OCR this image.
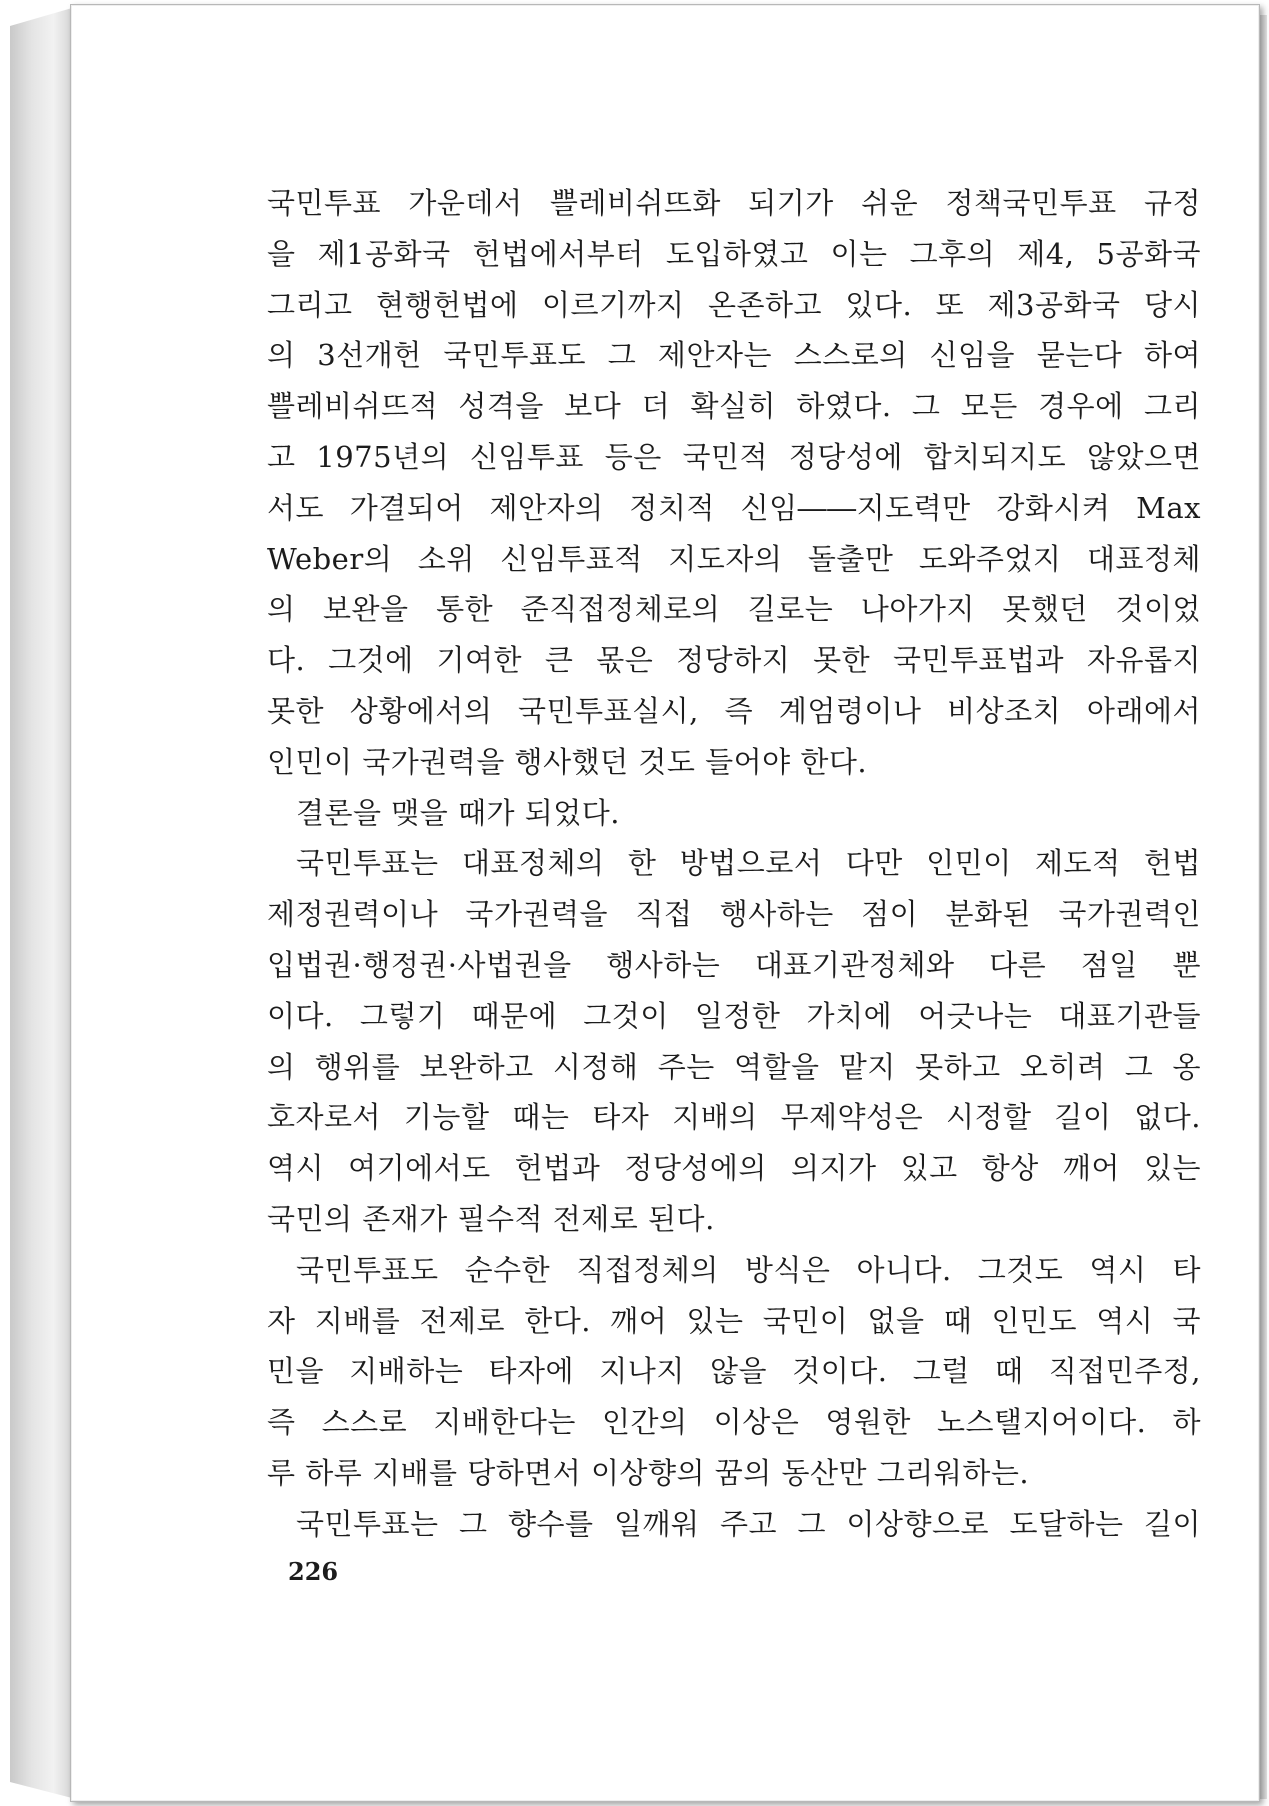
국민투표 가운데서 쁠레비쉬뜨화 되기가 쉬운 정책국민투표 규정
을 제1공화국 헌법에서부터 도입하였고 이는 그후의 제4, 5공화국
그리고 현행헌법에 이르기까지 온존하고 있다. 또 제3공화국 당시
의 3선개헌 국민투표도 그 제안자는 스스로의 신임을 묻는다 하여
쁠레비쉬뜨적 성격을 보다 더 확실히 하였다. 그 모든 경우에 그리
고 1975년의 신임투표 등은 국민적 정당성에 합치되지도 않았으면
서도 가결되어 제안자의 정치적 신임――지도력만 강화시켜 Max
Weber의 소위 신임투표적 지도자의 돌출만 도와주었지 대표정체
의 보완을 통한 준직접정체로의 길로는 나아가지 못했던 것이었
다. 그것에 기여한 큰 몫은 정당하지 못한 국민투표법과 자유롭지
못한 상황에서의 국민투표실시, 즉 계엄령이나 비상조치 아래에서
인민이 국가권력을 행사했던 것도 들어야 한다.
결론을 맺을 때가 되었다.
국민투표는 대표정체의 한 방법으로서 다만 인민이 제도적 헌법
제정권력이나 국가권력을 직접 행사하는 점이 분화된 국가권력인
입법권·행정권·사법권을 행사하는 대표기관정체와 다른 점일 뿐
이다. 그렇기 때문에 그것이 일정한 가치에 어긋나는 대표기관들
의 행위를 보완하고 시정해 주는 역할을 맡지 못하고 오히려 그 옹
호자로서 기능할 때는 타자 지배의 무제약성은 시정할 길이 없다.
역시 여기에서도 헌법과 정당성에의 의지가 있고 항상 깨어 있는
국민의 존재가 필수적 전제로 된다.
국민투표도 순수한 직접정체의 방식은 아니다. 그것도 역시 타
자 지배를 전제로 한다. 깨어 있는 국민이 없을 때 인민도 역시 국
민을 지배하는 타자에 지나지 않을 것이다. 그럴 때 직접민주정,
즉 스스로 지배한다는 인간의 이상은 영원한 노스탤지어이다. 하
루 하루 지배를 당하면서 이상향의 꿈의 동산만 그리워하는.
국민투표는 그 향수를 일깨워 주고 그 이상향으로 도달하는 길이
226
